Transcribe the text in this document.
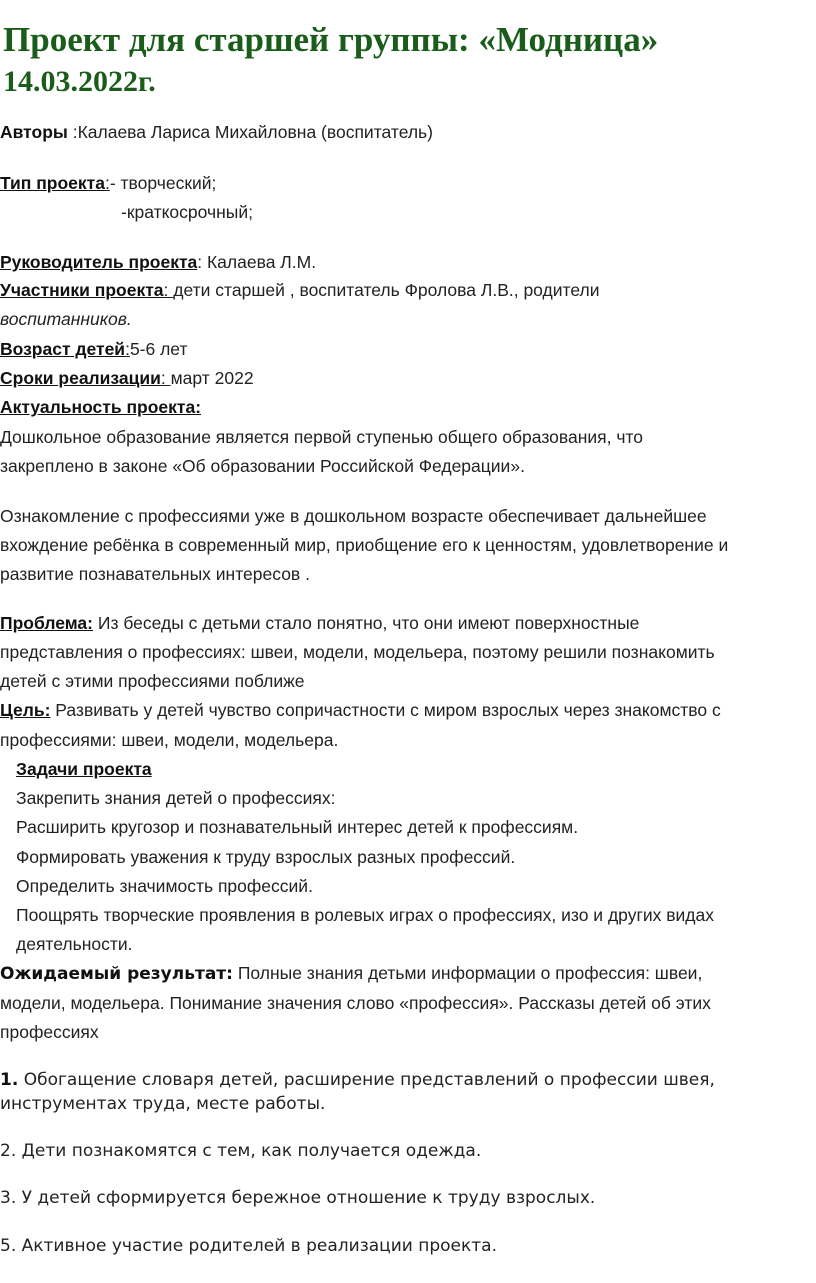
Проект для старшей группы: «Модница»
14.03.2022г.
Авторы :Калаева Лариса Михайловна (воспитатель)
Тип проекта:- творческий;
-краткосрочный;
Руководитель проекта: Калаева Л.М.
Участники проекта: дети старшей , воспитатель Фролова Л.В., родители
воспитанников.
Возраст детей:5-6 лет
Сроки реализации: март 2022
Актуальность проекта:
Дошкольное образование является первой ступенью общего образования, что
закреплено в законе «Об образовании Российской Федерации».
Ознакомление с профессиями уже в дошкольном возрасте обеспечивает дальнейшее
вхождение ребёнка в современный мир, приобщение его к ценностям, удовлетворение и
развитие познавательных интересов .
Проблема: Из беседы с детьми стало понятно, что они имеют поверхностные
представления о профессиях: швеи, модели, модельера, поэтому решили познакомить
детей с этими профессиями поближе
Цель: Развивать у детей чувство сопричастности с миром взрослых через знакомство с
профессиями: швеи, модели, модельера.
Задачи проекта
Закрепить знания детей о профессиях:
Расширить кругозор и познавательный интерес детей к профессиям.
Формировать уважения к труду взрослых разных профессий.
Определить значимость профессий.
Поощрять творческие проявления в ролевых играх о профессиях, изо и других видах
деятельности.
Ожидаемый результат: Полные знания детьми информации о профессия: швеи,
модели, модельера. Понимание значения слово «профессия». Рассказы детей об этих
профессиях
1. Обогащение словаря детей, расширение представлений о профессии швея,
инструментах труда, месте работы.
2. Дети познакомятся с тем, как получается одежда.
3. У детей сформируется бережное отношение к труду взрослых.
5. Активное участие родителей в реализации проекта.
